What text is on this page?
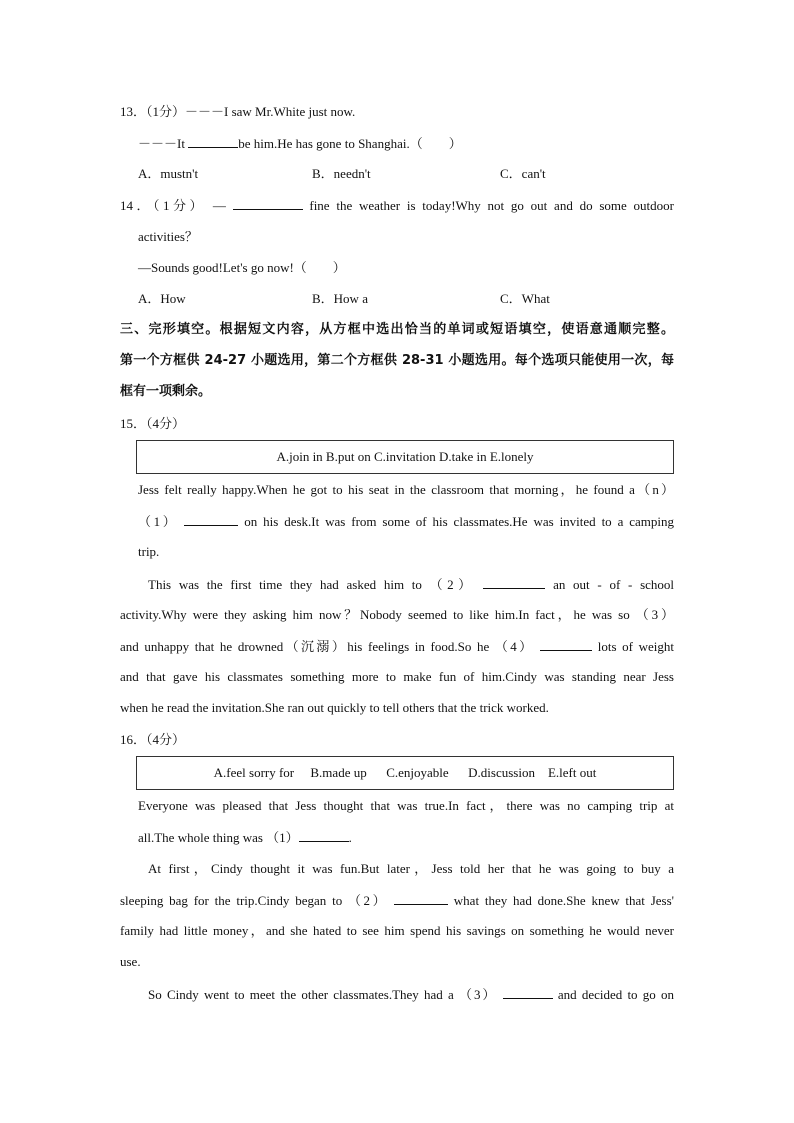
13．（1分）－－－I saw Mr.White just now.
－－－It	be him.He has gone to Shanghai.（　　）
A．mustn't	B．needn't	C．can't
14．（1分） —	fine the weather is today!Why not go out and do some outdoor
activities？
—Sounds good!Let's go now!（　　）
A．How	B．How a	C．What
三、完形填空。根据短文内容，从方框中选出恰当的单词或短语填空，使语意通顺完整。
第一个方框供 24-27 小题选用，第二个方框供 28-31 小题选用。每个选项只能使用一次，每
框有一项剩余。
15．（4分）
A.join in B.put on C.invitation D.take in E.lonely
Jess felt really happy.When he got to his seat in the classroom that morning，he found a（n）
（1）	on his desk.It was from some of his classmates.He was invited to a camping
trip.
This was the first time they had asked him to （2）	an out - of - school
activity.Why were they asking him now？Nobody seemed to like him.In fact，he was so （3）
and unhappy that he drowned（沉溺）his feelings in food.So he （4）	lots of weight
and that gave his classmates something more to make fun of him.Cindy was standing near Jess
when he read the invitation.She ran out quickly to tell others that the trick worked.
16．（4分）
A.feel sorry for     B.made up      C.enjoyable      D.discussion    E.left out
Everyone was pleased that Jess thought that was true.In fact，there was no camping trip at
all.The whole thing was （1）	.
At first，Cindy thought it was fun.But later，Jess told her that he was going to buy a
sleeping bag for the trip.Cindy began to （2）	what they had done.She knew that Jess'
family had little money，and she hated to see him spend his savings on something he would never
use.
So Cindy went to meet the other classmates.They had a （3）	and decided to go on
